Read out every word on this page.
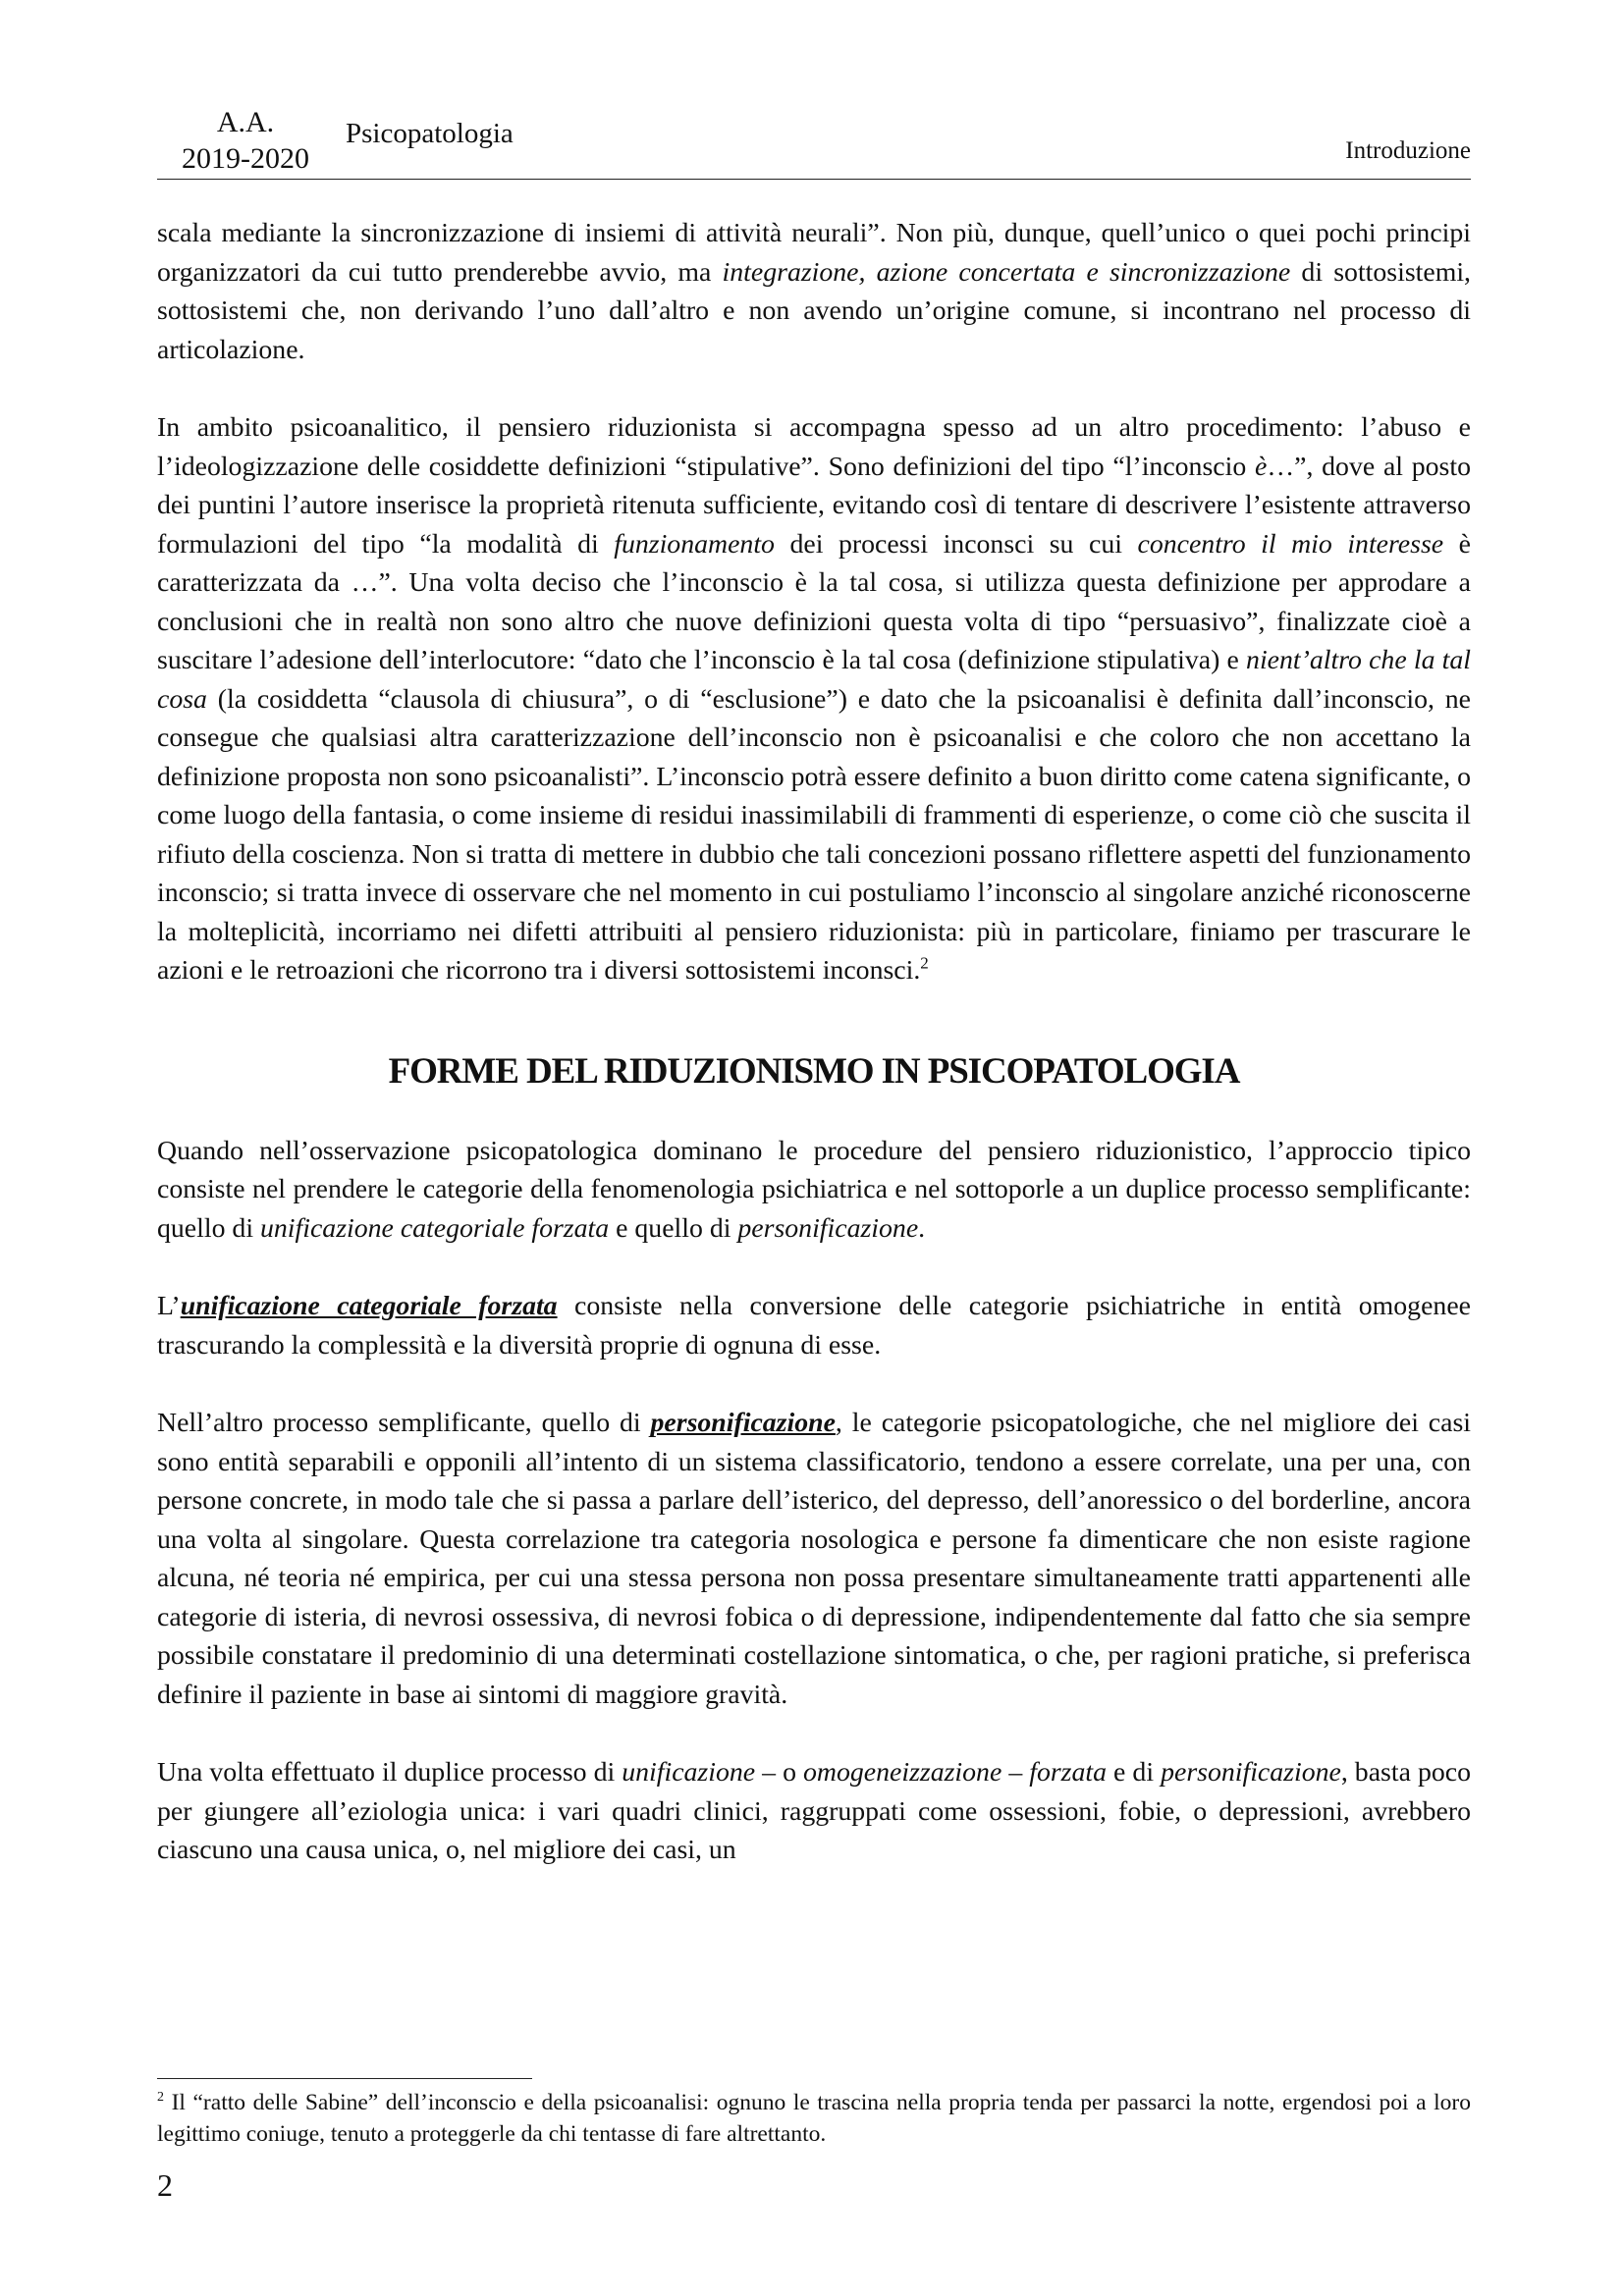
A.A.
2019-2020
Psicopatologia
Introduzione

scala mediante la sincronizzazione di insiemi di attività neurali”. Non più, dunque, quell’unico o quei pochi principi organizzatori da cui tutto prenderebbe avvio, ma integrazione, azione concertata e sincronizzazione di sottosistemi, sottosistemi che, non derivando l’uno dall’altro e non avendo un’origine comune, si incontrano nel processo di articolazione.

In ambito psicoanalitico, il pensiero riduzionista si accompagna spesso ad un altro procedimento: l’abuso e l’ideologizzazione delle cosiddette definizioni “stipulative”. Sono definizioni del tipo “l’inconscio è…”, dove al posto dei puntini l’autore inserisce la proprietà ritenuta sufficiente, evitando così di tentare di descrivere l’esistente attraverso formulazioni del tipo “la modalità di funzionamento dei processi inconsci su cui concentro il mio interesse è caratterizzata da …”. Una volta deciso che l’inconscio è la tal cosa, si utilizza questa definizione per approdare a conclusioni che in realtà non sono altro che nuove definizioni questa volta di tipo “persuasivo”, finalizzate cioè a suscitare l’adesione dell’interlocutore: “dato che l’inconscio è la tal cosa (definizione stipulativa) e nient’altro che la tal cosa (la cosiddetta “clausola di chiusura”, o di “esclusione”) e dato che la psicoanalisi è definita dall’inconscio, ne consegue che qualsiasi altra caratterizzazione dell’inconscio non è psicoanalisi e che coloro che non accettano la definizione proposta non sono psicoanalisti”. L’inconscio potrà essere definito a buon diritto come catena significante, o come luogo della fantasia, o come insieme di residui inassimilabili di frammenti di esperienze, o come ciò che suscita il rifiuto della coscienza. Non si tratta di mettere in dubbio che tali concezioni possano riflettere aspetti del funzionamento inconscio; si tratta invece di osservare che nel momento in cui postuliamo l’inconscio al singolare anziché riconoscerne la molteplicità, incorriamo nei difetti attribuiti al pensiero riduzionista: più in particolare, finiamo per trascurare le azioni e le retroazioni che ricorrono tra i diversi sottosistemi inconsci.$^2$

FORME DEL RIDUZIONISMO IN PSICOPATOLOGIA

Quando nell’osservazione psicopatologica dominano le procedure del pensiero riduzionistico, l’approccio tipico consiste nel prendere le categorie della fenomenologia psichiatrica e nel sottoporle a un duplice processo semplificante: quello di unificazione categoriale forzata e quello di personificazione.

L’unificazione categoriale forzata consiste nella conversione delle categorie psichiatriche in entità omogenee trascurando la complessità e la diversità proprie di ognuna di esse.

Nell’altro processo semplificante, quello di personificazione, le categorie psicopatologiche, che nel migliore dei casi sono entità separabili e opponili all’intento di un sistema classificatorio, tendono a essere correlate, una per una, con persone concrete, in modo tale che si passa a parlare dell’isterico, del depresso, dell’anoressico o del borderline, ancora una volta al singolare. Questa correlazione tra categoria nosologica e persone fa dimenticare che non esiste ragione alcuna, né teoria né empirica, per cui una stessa persona non possa presentare simultaneamente tratti appartenenti alle categorie di isteria, di nevrosi ossessiva, di nevrosi fobica o di depressione, indipendentemente dal fatto che sia sempre possibile constatare il predominio di una determinati costellazione sintomatica, o che, per ragioni pratiche, si preferisca definire il paziente in base ai sintomi di maggiore gravità.

Una volta effettuato il duplice processo di unificazione – o omogeneizzazione – forzata e di personificazione, basta poco per giungere all’eziologia unica: i vari quadri clinici, raggruppati come ossessioni, fobie, o depressioni, avrebbero ciascuno una causa unica, o, nel migliore dei casi, un

$^2$ Il “ratto delle Sabine” dell’inconscio e della psicoanalisi: ognuno le trascina nella propria tenda per passarci la notte, ergendosi poi a loro legittimo coniuge, tenuto a proteggerle da chi tentasse di fare altrettanto.

2
